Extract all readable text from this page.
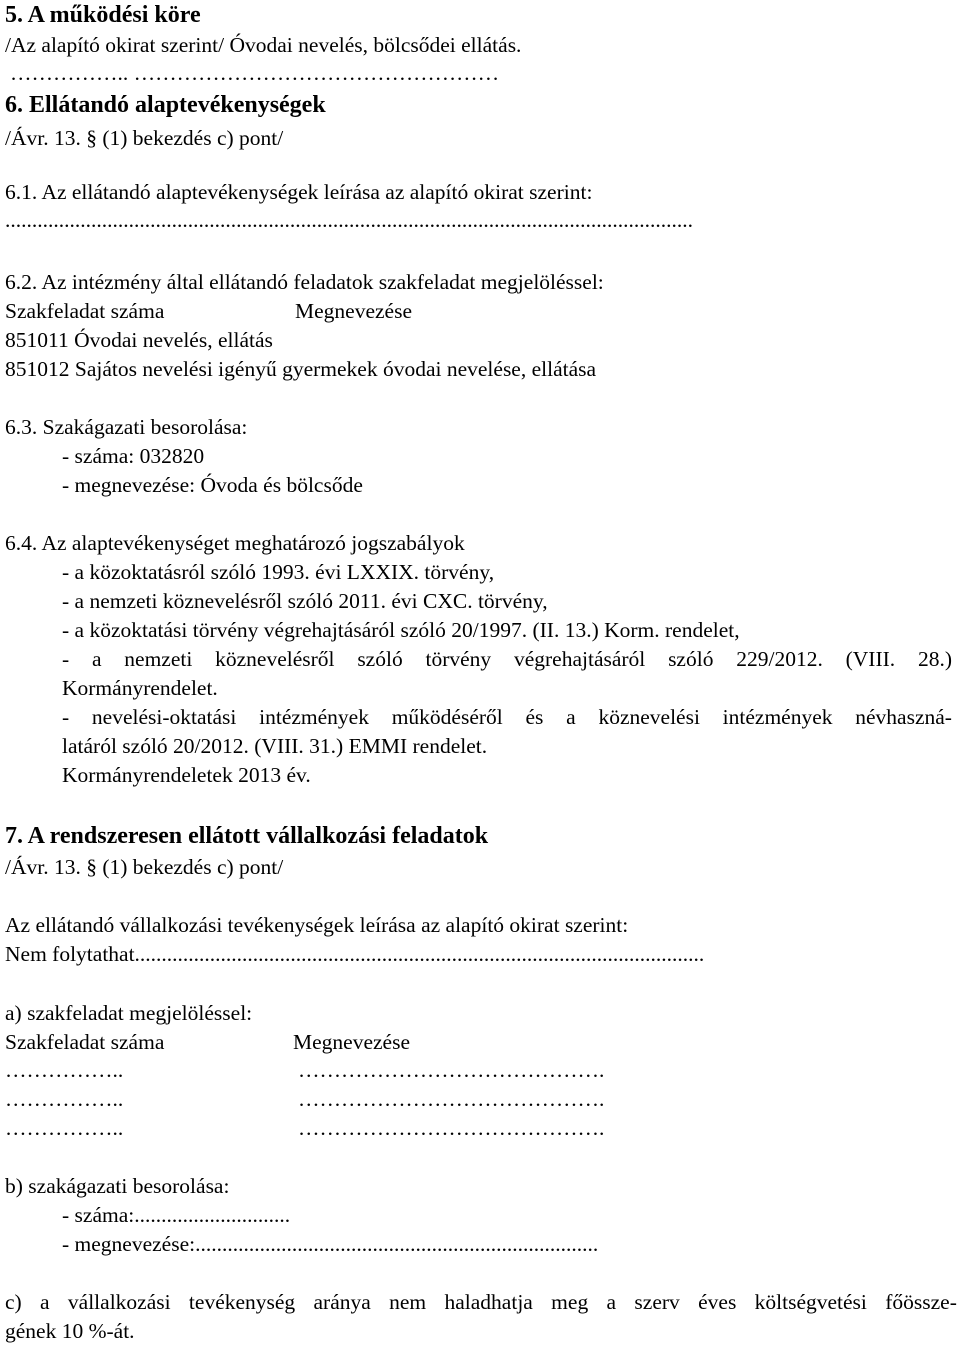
5. A működési köre
/Az alapító okirat szerint/ Óvodai nevelés, bölcsődei ellátás.
…………….. ……………………………………………
6. Ellátandó alaptevékenységek
/Ávr. 13. § (1) bekezdés c) pont/
6.1. Az ellátandó alaptevékenységek leírása az alapító okirat szerint:
................................................................................................................................
6.2. Az intézmény által ellátandó feladatok szakfeladat megjelöléssel:
Szakfeladat száma	Megnevezése
851011 Óvodai nevelés, ellátás
851012 Sajátos nevelési igényű gyermekek óvodai nevelése, ellátása
6.3. Szakágazati besorolása:
- száma: 032820
- megnevezése: Óvoda és bölcsőde
6.4. Az alaptevékenységet meghatározó jogszabályok
- a közoktatásról szóló 1993. évi LXXIX. törvény,
- a nemzeti köznevelésről szóló 2011. évi CXC. törvény,
- a közoktatási törvény végrehajtásáról szóló 20/1997. (II. 13.) Korm. rendelet,
- a nemzeti köznevelésről szóló törvény végrehajtásáról szóló 229/2012. (VIII. 28.)
Kormányrendelet.
- nevelési-oktatási intézmények működéséről és a köznevelési intézmények névhaszná-
latáról szóló 20/2012. (VIII. 31.) EMMI rendelet.
Kormányrendeletek 2013 év.
7. A rendszeresen ellátott vállalkozási feladatok
/Ávr. 13. § (1) bekezdés c) pont/
Az ellátandó vállalkozási tevékenységek leírása az alapító okirat szerint:
Nem folytathat..........................................................................................................
a) szakfeladat megjelöléssel:
Szakfeladat száma	Megnevezése
……………..	…………………………………….
……………..	…………………………………….
……………..	…………………………………….
b) szakágazati besorolása:
- száma:.............................
- megnevezése:...........................................................................
c) a vállalkozási tevékenység aránya nem haladhatja meg a szerv éves költségvetési főössze-
gének 10 %-át.
